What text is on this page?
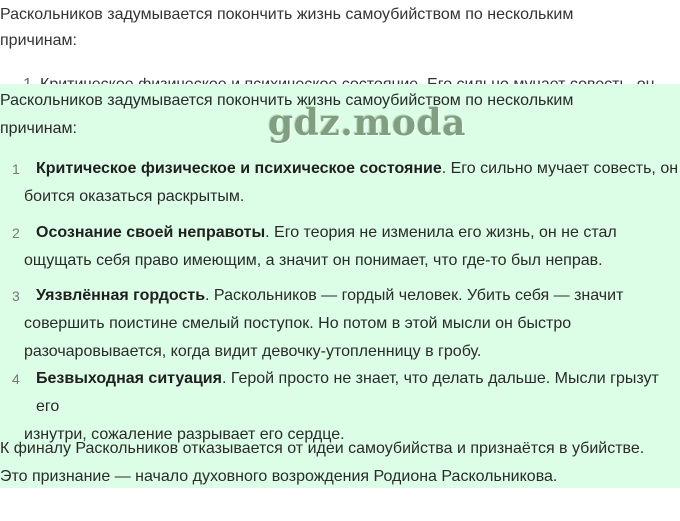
Раскольников задумывается покончить жизнь самоубийством по нескольким

причинам:

Раскольников задумывается покончить жизнь самоубийством по нескольким

причинам:

1	Критическое физическое и психическое состояние. Его сильно мучает совесть, он
боится оказаться раскрытым.
2	Осознание своей неправоты. Его теория не изменила его жизнь, он не стал
ощущать себя право имеющим, а значит он понимает, что где-то был неправ.
3	Уязвлённая гордость. Раскольников — гордый человек. Убить себя — значит
совершить поистине смелый поступок. Но потом в этой мысли он быстро
разочаровывается, когда видит девочку-утопленницу в гробу.
4	Безвыходная ситуация. Герой просто не знает, что делать дальше. Мысли грызут его
изнутри, сожаление разрывает его сердце.

К финалу Раскольников отказывается от идеи самоубийства и признаётся в убийстве.

Это признание — начало духовного возрождения Родиона Раскольникова.

gdz.moda
